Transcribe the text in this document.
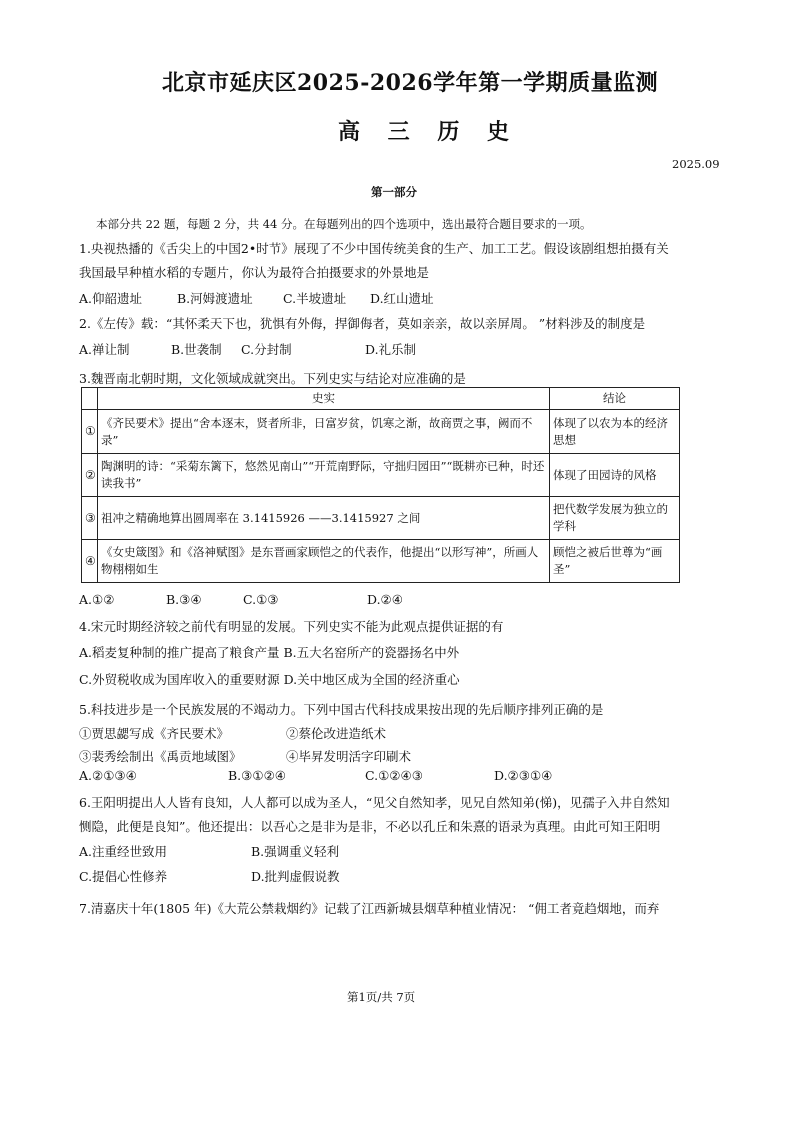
北京市延庆区2025-2026学年第一学期质量监测
高 三 历 史
2025.09
第一部分
本部分共 22 题，每题 2 分，共 44 分。在每题列出的四个选项中，选出最符合题目要求的一项。
1.央视热播的《舌尖上的中国2•时节》展现了不少中国传统美食的生产、加工工艺。假设该剧组想拍摄有关
我国最早种植水稻的专题片，你认为最符合拍摄要求的外景地是
A.仰韶遗址	B.河姆渡遗址 C.半坡遗址 D.红山遗址
2.《左传》载：“其怀柔天下也，犹惧有外侮，捍御侮者，莫如亲亲，故以亲屏周。 ”材料涉及的制度是
A.禅让制	B.世袭制 C.分封制	D.礼乐制
3.魏晋南北朝时期，文化领域成就突出。下列史实与结论对应准确的是
	史实	结论
①	《齐民要术》提出“舍本逐末，贤者所非，日富岁贫，饥寒之渐，故商贾之事，阙而不录”	体现了以农为本的经济思想
②	陶渊明的诗：“采菊东篱下，悠然见南山”“开荒南野际，守拙归园田”“既耕亦已种，时还读我书”	体现了田园诗的风格
③	祖冲之精确地算出圆周率在 3.1415926 ——3.1415927 之间	把代数学发展为独立的学科
④	《女史箴图》和《洛神赋图》是东晋画家顾恺之的代表作，他提出“以形写神”，所画人物栩栩如生	顾恺之被后世尊为“画圣”
A.①②	B.③④	C.①③	D.②④
4.宋元时期经济较之前代有明显的发展。下列史实不能为此观点提供证据的有
A.稻麦复种制的推广提高了粮食产量 B.五大名窑所产的瓷器扬名中外
C.外贸税收成为国库收入的重要财源 D.关中地区成为全国的经济重心
5.科技进步是一个民族发展的不竭动力。下列中国古代科技成果按出现的先后顺序排列正确的是
①贾思勰写成《齐民要术》	②蔡伦改进造纸术
③裴秀绘制出《禹贡地域图》	④毕昇发明活字印刷术
A.②①③④	B.③①②④	C.①②④③	D.②③①④
6.王阳明提出人人皆有良知，人人都可以成为圣人，“见父自然知孝，见兄自然知弟(悌)，见孺子入井自然知
恻隐，此便是良知”。他还提出：以吾心之是非为是非，不必以孔丘和朱熹的语录为真理。由此可知王阳明
A.注重经世致用	B.强调重义轻利
C.提倡心性修养	D.批判虚假说教
7.清嘉庆十年(1805 年)《大荒公禁栽烟约》记载了江西新城县烟草种植业情况： “佣工者竟趋烟地，而弃
第1页/共 7页
